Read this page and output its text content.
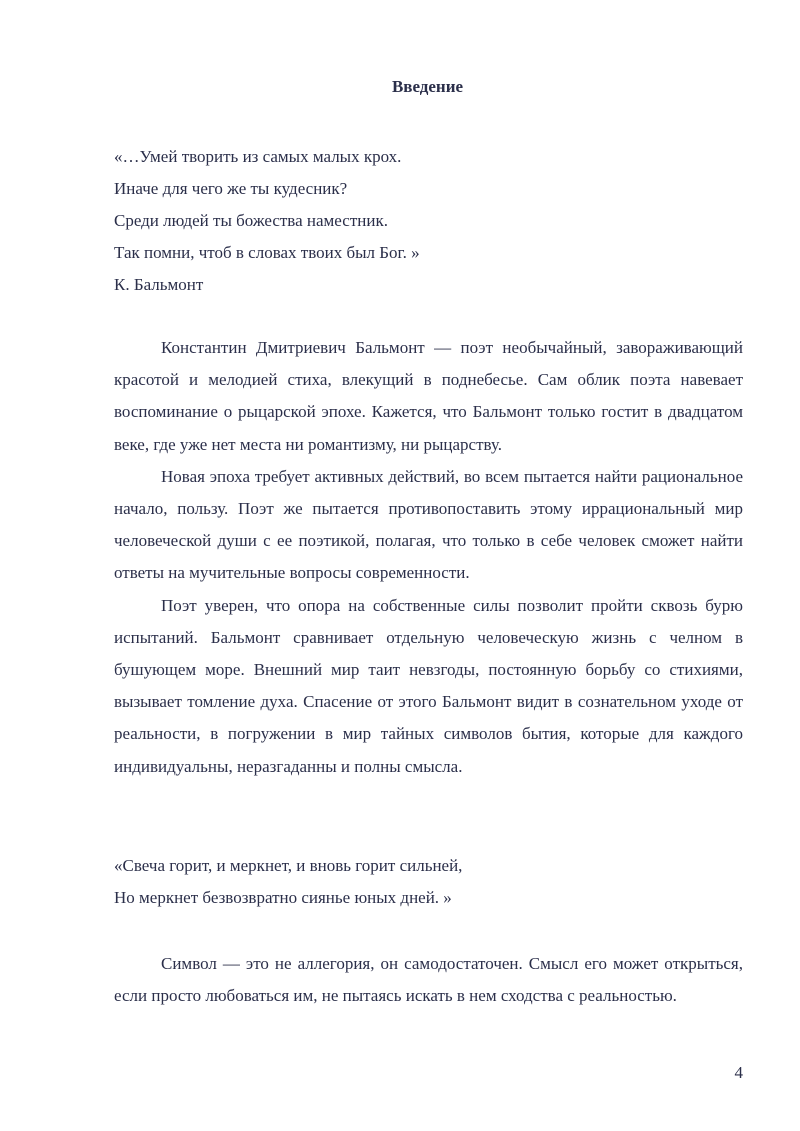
Введение
«…Умей творить из самых малых крох.
Иначе для чего же ты кудесник?
Среди людей ты божества наместник.
Так помни, чтоб в словах твоих был Бог. »
К. Бальмонт

Константин Дмитриевич Бальмонт — поэт необычайный, завораживающий красотой и мелодией стиха, влекущий в поднебесье. Сам облик поэта навевает воспоминание о рыцарской эпохе. Кажется, что Бальмонт только гостит в двадцатом веке, где уже нет места ни романтизму, ни рыцарству.

Новая эпоха требует активных действий, во всем пытается найти рациональное начало, пользу. Поэт же пытается противопоставить этому иррациональный мир человеческой души с ее поэтикой, полагая, что только в себе человек сможет найти ответы на мучительные вопросы современности.

Поэт уверен, что опора на собственные силы позволит пройти сквозь бурю испытаний. Бальмонт сравнивает отдельную человеческую жизнь с челном в бушующем море. Внешний мир таит невзгоды, постоянную борьбу со стихиями, вызывает томление духа. Спасение от этого Бальмонт видит в сознательном уходе от реальности, в погружении в мир тайных символов бытия, которые для каждого индивидуальны, неразгаданны и полны смысла.

«Свеча горит, и меркнет, и вновь горит сильней,
Но меркнет безвозвратно сиянье юных дней. »

Символ — это не аллегория, он самодостаточен. Смысл его может открыться, если просто любоваться им, не пытаясь искать в нем сходства с реальностью.

4
